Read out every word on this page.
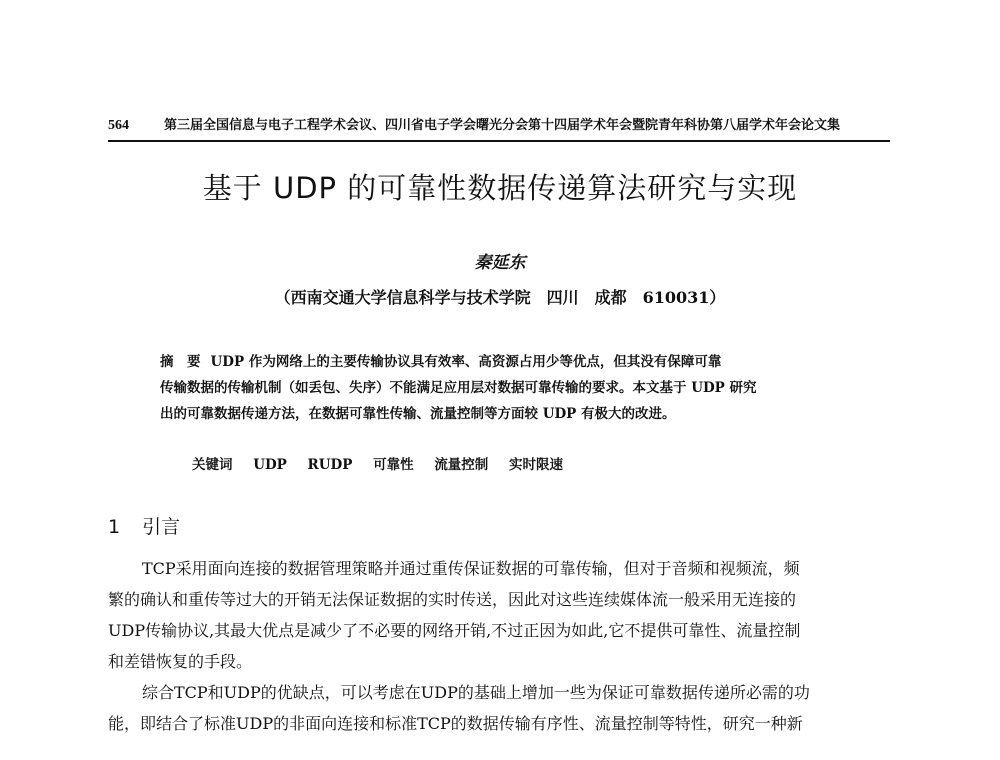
564	第三届全国信息与电子工程学术会议、四川省电子学会曙光分会第十四届学术年会暨院青年科协第八届学术年会论文集
基于 UDP 的可靠性数据传递算法研究与实现
秦延东
（西南交通大学信息科学与技术学院　四川　成都　610031）
摘　要 UDP 作为网络上的主要传输协议具有效率、高资源占用少等优点，但其没有保障可靠
传输数据的传输机制（如丢包、失序）不能满足应用层对数据可靠传输的要求。本文基于 UDP 研究
出的可靠数据传递方法，在数据可靠性传输、流量控制等方面较 UDP 有极大的改进。
关键词 UDP RUDP 可靠性 流量控制 实时限速
1 引言
TCP采用面向连接的数据管理策略并通过重传保证数据的可靠传输，但对于音频和视频流，频
繁的确认和重传等过大的开销无法保证数据的实时传送，因此对这些连续媒体流一般采用无连接的
UDP传输协议,其最大优点是减少了不必要的网络开销,不过正因为如此,它不提供可靠性、流量控制
和差错恢复的手段。
综合TCP和UDP的优缺点，可以考虑在UDP的基础上增加一些为保证可靠数据传递所必需的功
能，即结合了标准UDP的非面向连接和标准TCP的数据传输有序性、流量控制等特性，研究一种新
